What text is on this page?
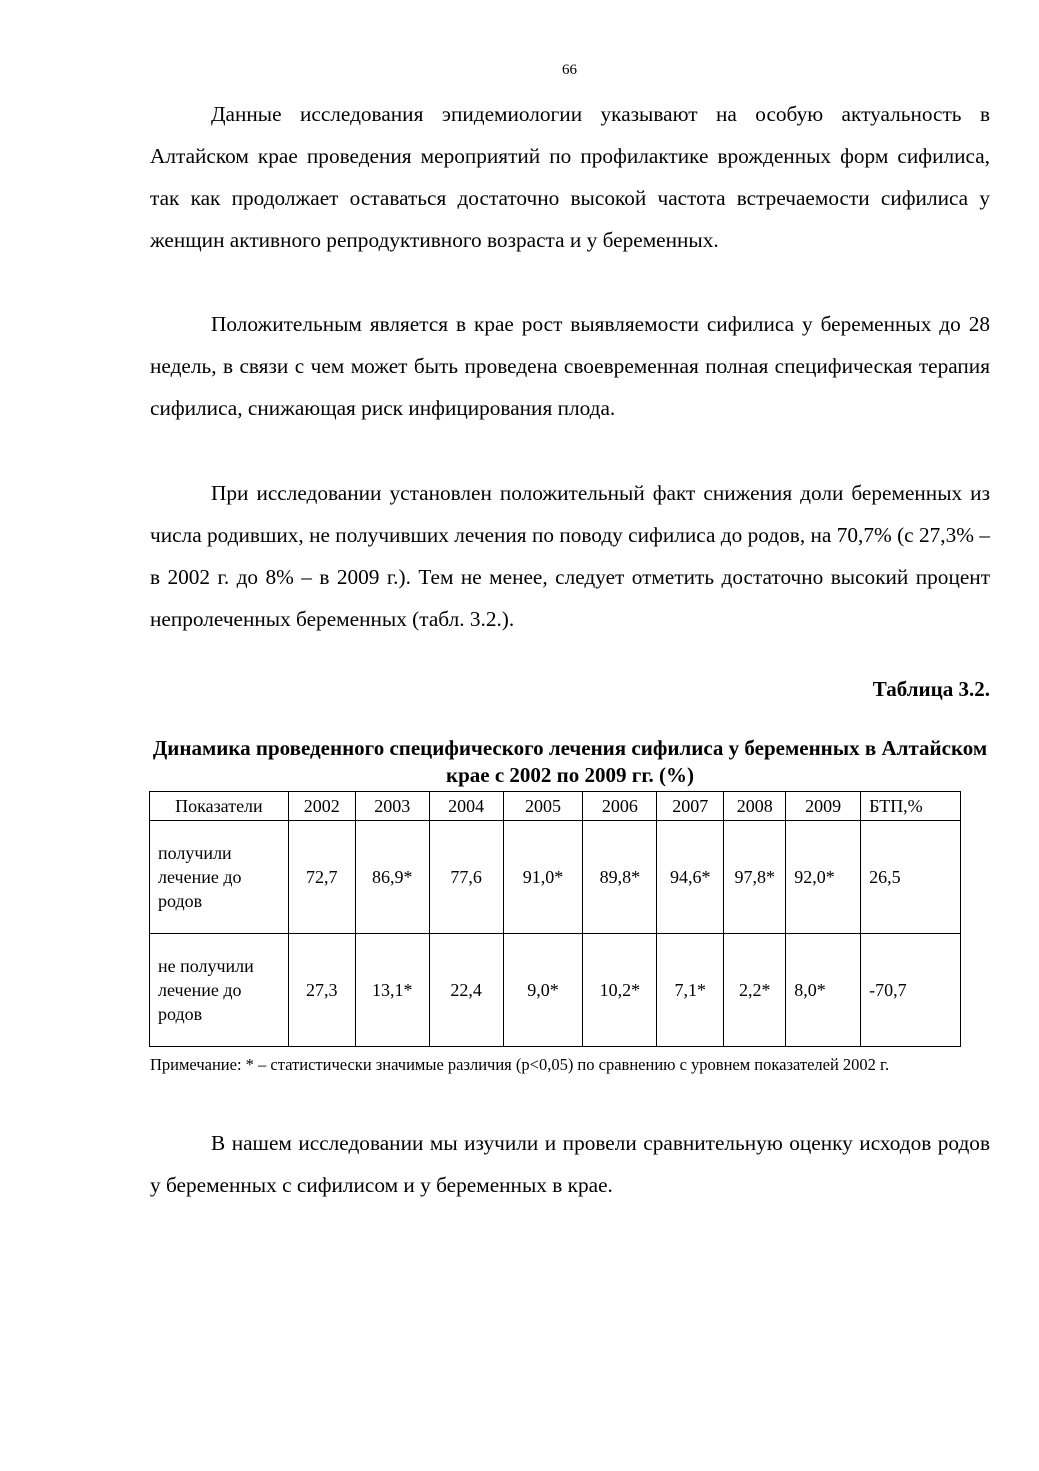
66

Данные исследования эпидемиологии указывают на особую актуальность в Алтайском крае проведения мероприятий по профилактике врожденных форм сифилиса, так как продолжает оставаться достаточно высокой частота встречаемости сифилиса у женщин активного репродуктивного возраста и у беременных.

Положительным является в крае рост выявляемости сифилиса у беременных до 28 недель, в связи с чем может быть проведена своевременная полная специфическая терапия сифилиса, снижающая риск инфицирования плода.

При исследовании установлен положительный факт снижения доли беременных из числа родивших, не получивших лечения по поводу сифилиса до родов, на 70,7% (с 27,3% – в 2002 г. до 8% – в 2009 г.). Тем не менее, следует отметить достаточно высокий процент непролеченных беременных (табл. 3.2.).

Таблица 3.2.
Динамика проведенного специфического лечения сифилиса у беременных в Алтайском крае с 2002 по 2009 гг. (%)
Показатели	2002	2003	2004	2005	2006	2007	2008	2009	БТП,%
получили
лечение до
родов	72,7	86,9*	77,6	91,0*	89,8*	94,6*	97,8*	92,0*	26,5
не получили
лечение до
родов	27,3	13,1*	22,4	9,0*	10,2*	7,1*	2,2*	8,0*	-70,7
Примечание: * – статистически значимые различия (p<0,05) по сравнению с уровнем показателей 2002 г.

В нашем исследовании мы изучили и провели сравнительную оценку исходов родов у беременных с сифилисом и у беременных в крае.
